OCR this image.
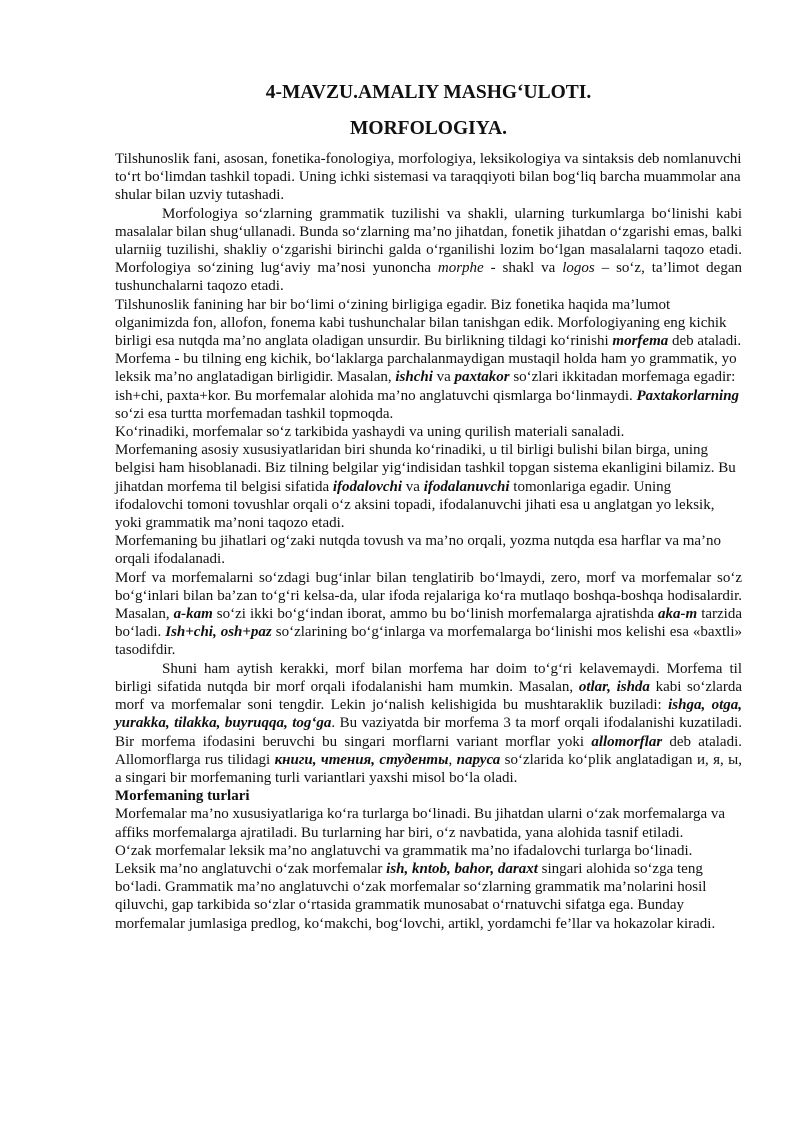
4-MAVZU.AMALIY MASHG‘ULOTI.
MORFOLOGIYA.

Tilshunoslik fani, asosan, fonetika-fonologiya, morfologiya, leksikologiya va sintaksis deb nomlanuvchi to‘rt bo‘limdan tashkil topadi. Uning ichki sistemasi va taraqqiyoti bilan bog‘liq barcha muammolar ana shular bilan uzviy tutashadi.

Morfologiya so‘zlarning grammatik tuzilishi va shakli, ularning turkumlarga bo‘linishi kabi masalalar bilan shug‘ullanadi. Bunda so‘zlarning ma’no jihatdan, fonetik jihatdan o‘zgarishi emas, balki ularniig tuzilishi, shakliy o‘zgarishi birinchi galda o‘rganilishi lozim bo‘lgan masalalarni taqozo etadi. Morfologiya so‘zining lug‘aviy ma’nosi yunoncha morphe - shakl va logos – so‘z, ta’limot degan tushunchalarni taqozo etadi.

Tilshunoslik fanining har bir bo‘limi o‘zining birligiga egadir. Biz fonetika haqida ma’lumot olganimizda fon, allofon, fonema kabi tushunchalar bilan tanishgan edik. Morfologiyaning eng kichik birligi esa nutqda ma’no anglata oladigan unsurdir. Bu birlikning tildagi ko‘rinishi morfema deb ataladi. Morfema - bu tilning eng kichik, bo‘laklarga parchalanmaydigan mustaqil holda ham yo grammatik, yo leksik ma’no anglatadigan birligidir. Masalan, ishchi va paxtakor so‘zlari ikkitadan morfemaga egadir: ish+chi, paxta+kor. Bu morfemalar alohida ma’no anglatuvchi qismlarga bo‘linmaydi. Paxtakorlarning so‘zi esa turtta morfemadan tashkil topmoqda.

Ko‘rinadiki, morfemalar so‘z tarkibida yashaydi va uning qurilish materiali sanaladi.

Morfemaning asosiy xususiyatlaridan biri shunda ko‘rinadiki, u til birligi bulishi bilan birga, uning belgisi ham hisoblanadi. Biz tilning belgilar yig‘indisidan tashkil topgan sistema ekanligini bilamiz. Bu jihatdan morfema til belgisi sifatida ifodalovchi va ifodalanuvchi tomonlariga egadir. Uning ifodalovchi tomoni tovushlar orqali o‘z aksini topadi, ifodalanuvchi jihati esa u anglatgan yo leksik, yoki grammatik ma’noni taqozo etadi.

Morfemaning bu jihatlari og‘zaki nutqda tovush va ma’no orqali, yozma nutqda esa harflar va ma’no orqali ifodalanadi.

Morf va morfemalarni so‘zdagi bug‘inlar bilan tenglatirib bo‘lmaydi, zero, morf va morfemalar so‘z bo‘g‘inlari bilan ba’zan to‘g‘ri kelsa-da, ular ifoda rejalariga ko‘ra mutlaqo boshqa-boshqa hodisalardir. Masalan, a-kam so‘zi ikki bo‘g‘indan iborat, ammo bu bo‘linish morfemalarga ajratishda aka-m tarzida bo‘ladi. Ish+chi, osh+paz so‘zlarining bo‘g‘inlarga va morfemalarga bo‘linishi mos kelishi esa «baxtli» tasodifdir.

Shuni ham aytish kerakki, morf bilan morfema har doim to‘g‘ri kelavemaydi. Morfema til birligi sifatida nutqda bir morf orqali ifodalanishi ham mumkin. Masalan, otlar, ishda kabi so‘zlarda morf va morfemalar soni tengdir. Lekin jo‘nalish kelishigida bu mushtaraklik buziladi: ishga, otga, yurakka, tilakka, buyruqqa, tog‘ga. Bu vaziyatda bir morfema 3 ta morf orqali ifodalanishi kuzatiladi. Bir morfema ifodasini beruvchi bu singari morflarni variant morflar yoki allomorflar deb ataladi. Allomorflarga rus tilidagi книги, чтения, студенты, паруса so‘zlarida ko‘plik anglatadigan и, я, ы, a singari bir morfemaning turli variantlari yaxshi misol bo‘la oladi.

Morfemaning turlari

Morfemalar ma’no xususiyatlariga ko‘ra turlarga bo‘linadi. Bu jihatdan ularni o‘zak morfemalarga va affiks morfemalarga ajratiladi. Bu turlarning har biri, o‘z navbatida, yana alohida tasnif etiladi.

O‘zak morfemalar leksik ma’no anglatuvchi va grammatik ma’no ifadalovchi turlarga bo‘linadi.

Leksik ma’no anglatuvchi o‘zak morfemalar ish, kntob, bahor, daraxt singari alohida so‘zga teng bo‘ladi. Grammatik ma’no anglatuvchi o‘zak morfemalar so‘zlarning grammatik ma’nolarini hosil qiluvchi, gap tarkibida so‘zlar o‘rtasida grammatik munosabat o‘rnatuvchi sifatga ega. Bunday morfemalar jumlasiga predlog, ko‘makchi, bog‘lovchi, artikl, yordamchi fe’llar va hokazolar kiradi.
